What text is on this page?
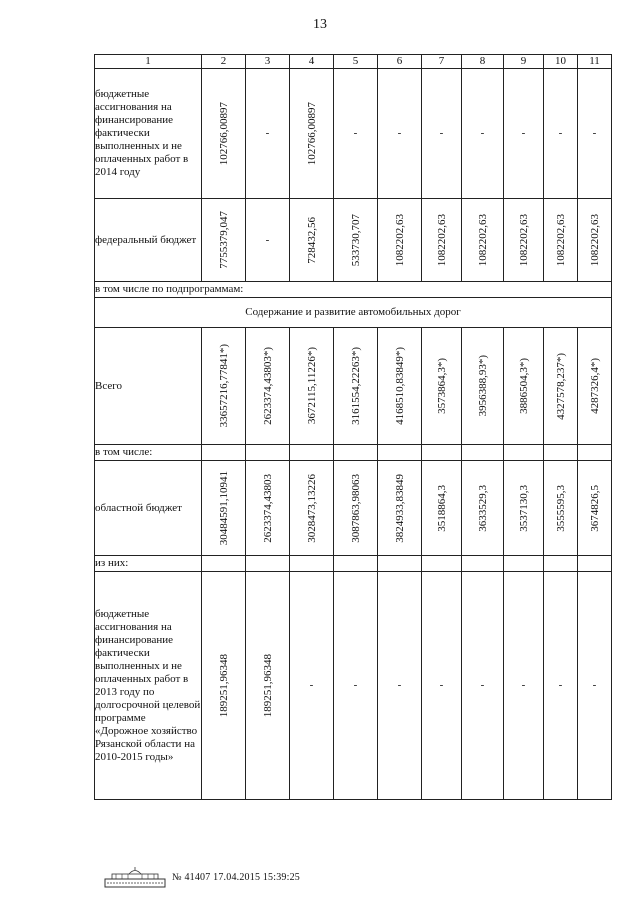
13
1	2	3	4	5	6	7	8	9	10	11
бюджетные ассигнования на финансирование фактически выполненных и не оплаченных работ в 2014 году	102766,00897	-	102766,00897	-	-	-	-	-	-	-
федеральный бюджет	7755379,047	-	728432,56	533730,707	1082202,63	1082202,63	1082202,63	1082202,63	1082202,63	1082202,63

в том числе по подпрограммам:										
Содержание и развитие автомобильных дорог										
Всего	33657216,77841*)	2623374,43803*)	3672115,11226*)	3161554,22263*)	4168510,83849*)	3573864,3*)	3956388,93*)	3886504,3*)	4327578,237*)	4287326,4*)

в том числе:										
областной бюджет	30484591,10941	2623374,43803	3028473,13226	3087863,98063	3824933,83849	3518864,3	3633529,3	3537130,3	3555595,3	3674826,5

из них:										
бюджетные ассигнования на финансирование фактически выполненных и не оплаченных работ в 2013 году по долгосрочной целевой программе «Дорожное хозяйство Рязанской области на 2010-2015 годы»	189251,96348	189251,96348	-	-	-	-	-	-	-	-
№ 41407 17.04.2015 15:39:25
